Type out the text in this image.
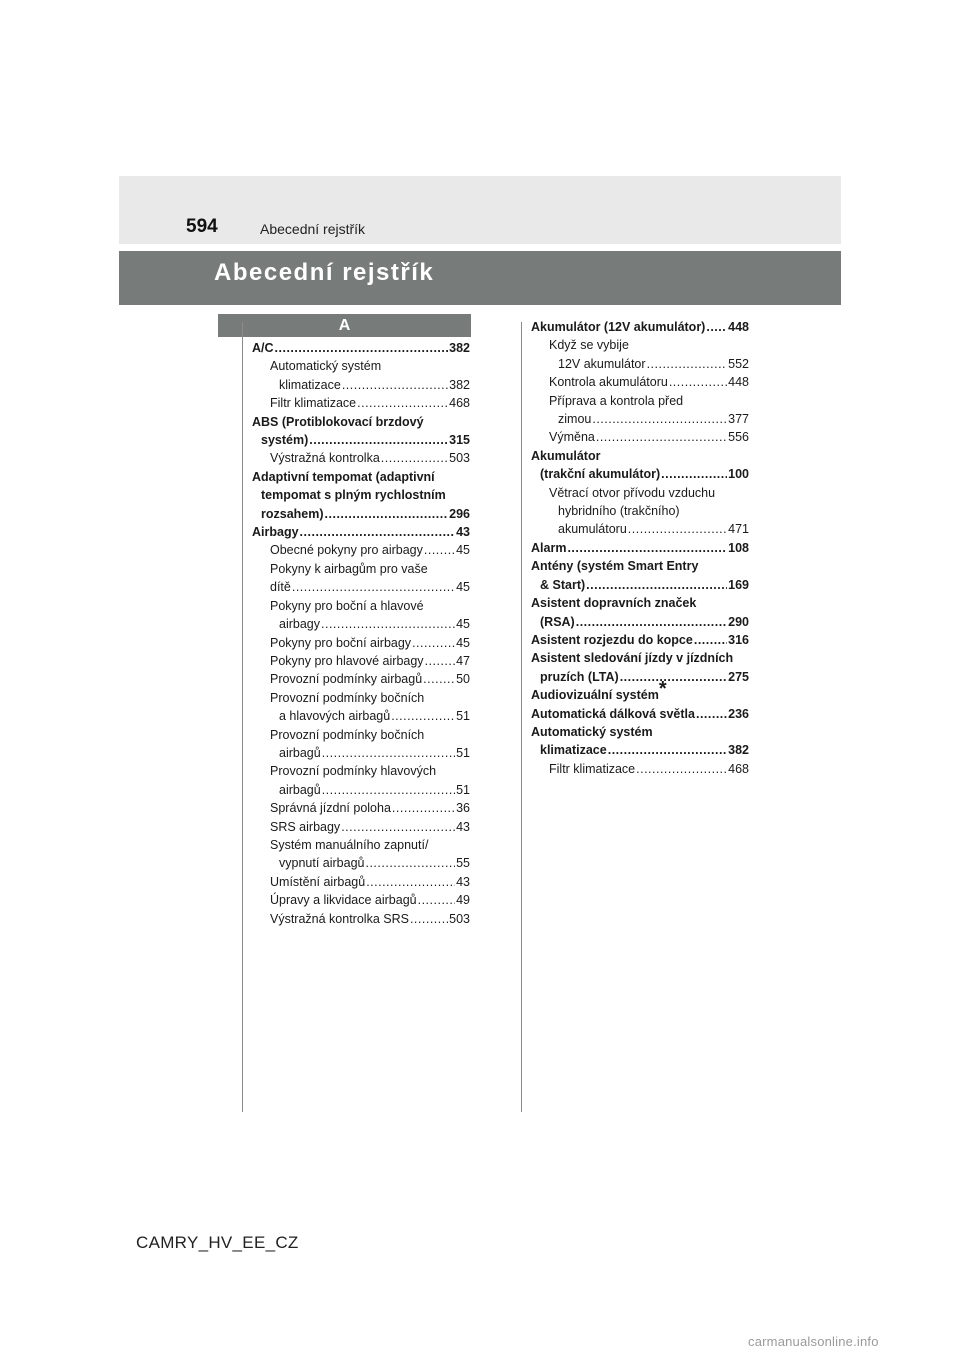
594	Abecední rejstřík
Abecední rejstřík
A
A/C .....	382
Automatický systém
klimatizace .....	382
Filtr klimatizace .....	468
ABS (Protiblokovací brzdový
systém) .....	315
Výstražná kontrolka .....	503
Adaptivní tempomat (adaptivní
tempomat s plným rychlostním
rozsahem) .....	296
Airbagy .....	43
Obecné pokyny pro airbagy .....	45
Pokyny k airbagům pro vaše
dítě .....	45
Pokyny pro boční a hlavové
airbagy .....	45
Pokyny pro boční airbagy .....	45
Pokyny pro hlavové airbagy .....	47
Provozní podmínky airbagů .....	50
Provozní podmínky bočních
a hlavových airbagů .....	51
Provozní podmínky bočních
airbagů .....	51
Provozní podmínky hlavových
airbagů .....	51
Správná jízdní poloha .....	36
SRS airbagy .....	43
Systém manuálního zapnutí/
vypnutí airbagů .....	55
Umístění airbagů .....	43
Úpravy a likvidace airbagů .....	49
Výstražná kontrolka SRS .....	503
Akumulátor (12V akumulátor) ..... 448
Když se vybije
12V akumulátor .....	552
Kontrola akumulátoru .....	448
Příprava a kontrola před
zimou .....	377
Výměna .....	556
Akumulátor
(trakční akumulátor) .....	100
Větrací otvor přívodu vzduchu
hybridního (trakčního)
akumulátoru .....	471
Alarm .....	108
Antény (systém Smart Entry
& Start) .....	169
Asistent dopravních značek
(RSA) .....	290
Asistent rozjezdu do kopce .....	316
Asistent sledování jízdy v jízdních
pruzích (LTA) .....	275
Audiovizuální systém*
Automatická dálková světla .....	236
Automatický systém
klimatizace .....	382
Filtr klimatizace .....	468
CAMRY_HV_EE_CZ
carmanualsonline.info
